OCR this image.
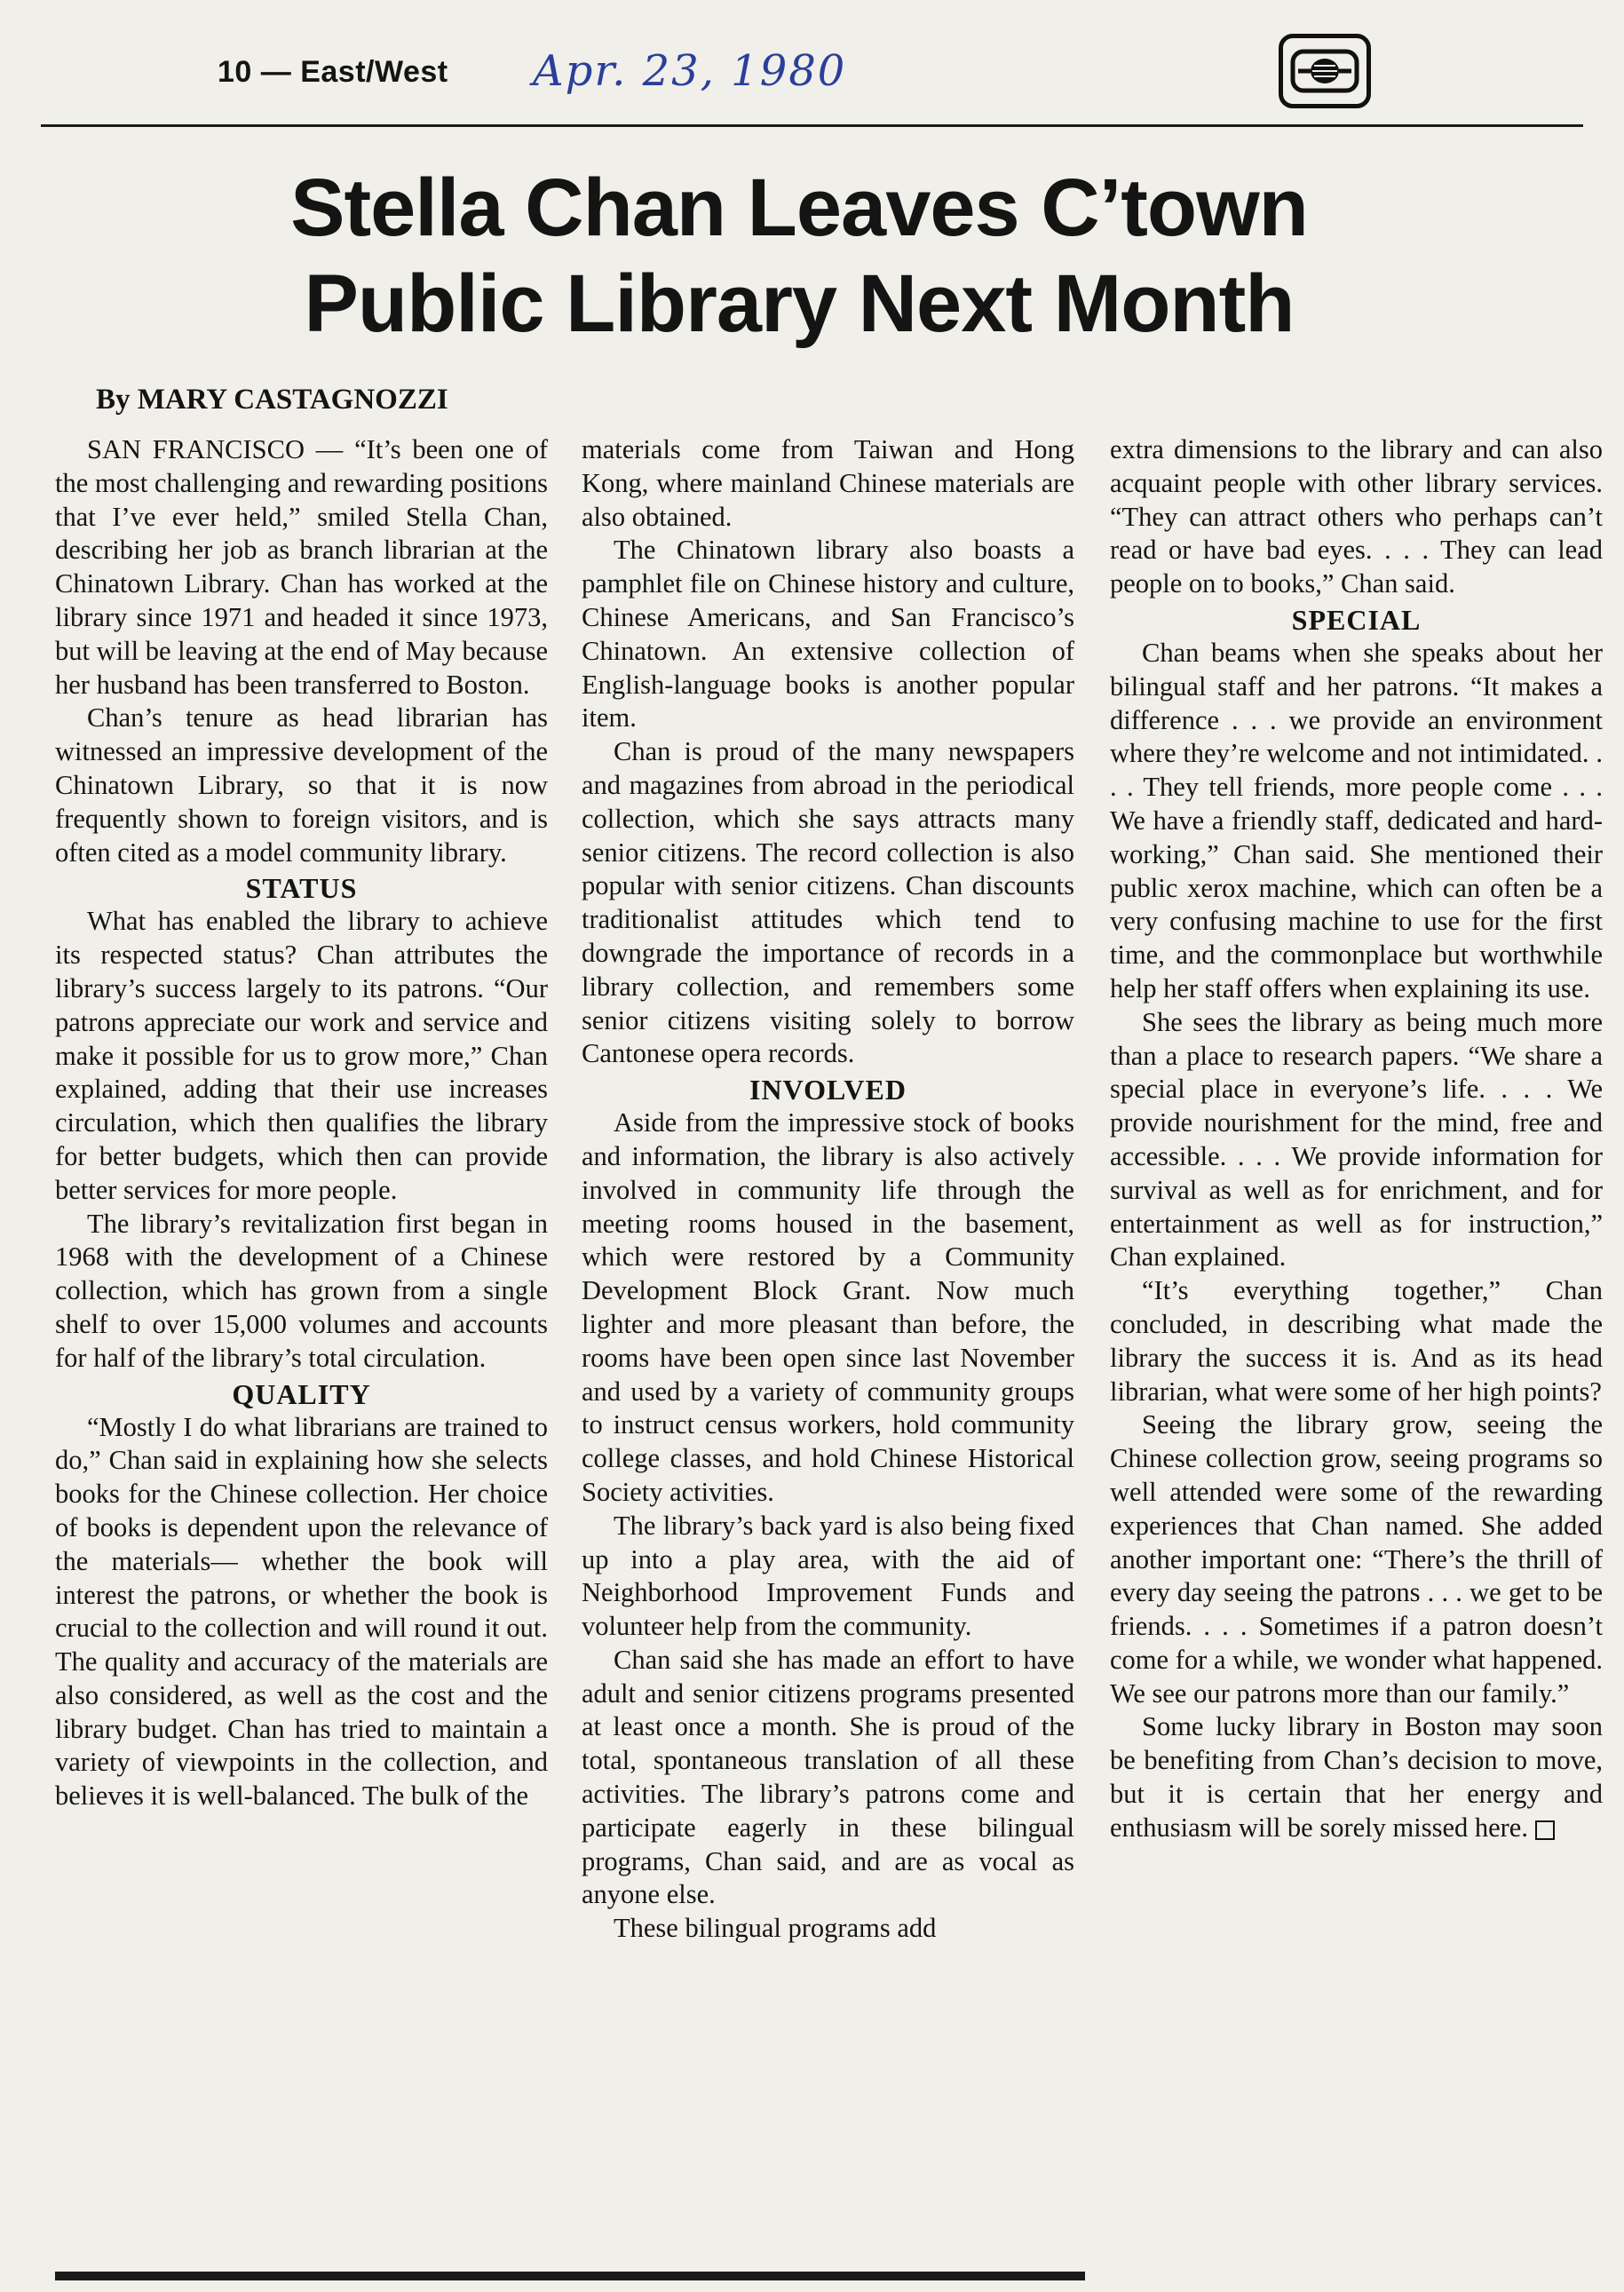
10 — East/West Apr. 23, 1980
Stella Chan Leaves C’town
Public Library Next Month

By MARY CASTAGNOZZI

SAN FRANCISCO — “It’s been one of the most challenging and rewarding positions that I’ve ever held,” smiled Stella Chan, describing her job as branch librarian at the Chinatown Library. Chan has worked at the library since 1971 and headed it since 1973, but will be leaving at the end of May because her husband has been transferred to Boston.

Chan’s tenure as head librarian has witnessed an impressive development of the Chinatown Library, so that it is now frequently shown to foreign visitors, and is often cited as a model community library.

STATUS

What has enabled the library to achieve its respected status? Chan attributes the library’s success largely to its patrons. “Our patrons appreciate our work and service and make it possible for us to grow more,” Chan explained, adding that their use increases circulation, which then qualifies the library for better budgets, which then can provide better services for more people.

The library’s revitalization first began in 1968 with the development of a Chinese collection, which has grown from a single shelf to over 15,000 volumes and accounts for half of the library’s total circulation.

QUALITY

“Mostly I do what librarians are trained to do,” Chan said in explaining how she selects books for the Chinese collection. Her choice of books is dependent upon the relevance of the materials— whether the book will interest the patrons, or whether the book is crucial to the collection and will round it out. The quality and accuracy of the materials are also considered, as well as the cost and the library budget. Chan has tried to maintain a variety of viewpoints in the collection, and believes it is well-balanced. The bulk of the

materials come from Taiwan and Hong Kong, where mainland Chinese materials are also obtained.

The Chinatown library also boasts a pamphlet file on Chinese history and culture, Chinese Americans, and San Francisco’s Chinatown. An extensive collection of English-language books is another popular item.

Chan is proud of the many newspapers and magazines from abroad in the periodical collection, which she says attracts many senior citizens. The record collection is also popular with senior citizens. Chan discounts traditionalist attitudes which tend to downgrade the importance of records in a library collection, and remembers some senior citizens visiting solely to borrow Cantonese opera records.

INVOLVED

Aside from the impressive stock of books and information, the library is also actively involved in community life through the meeting rooms housed in the basement, which were restored by a Community Development Block Grant. Now much lighter and more pleasant than before, the rooms have been open since last November and used by a variety of community groups to instruct census workers, hold community college classes, and hold Chinese Historical Society activities.

The library’s back yard is also being fixed up into a play area, with the aid of Neighborhood Improvement Funds and volunteer help from the community.

Chan said she has made an effort to have adult and senior citizens programs presented at least once a month. She is proud of the total, spontaneous translation of all these activities. The library’s patrons come and participate eagerly in these bilingual programs, Chan said, and are as vocal as anyone else.

These bilingual programs add

extra dimensions to the library and can also acquaint people with other library services. “They can attract others who perhaps can’t read or have bad eyes. . . . They can lead people on to books,” Chan said.

SPECIAL

Chan beams when she speaks about her bilingual staff and her patrons. “It makes a difference . . . we provide an environment where they’re welcome and not intimidated. . . . They tell friends, more people come . . . We have a friendly staff, dedicated and hard-working,” Chan said. She mentioned their public xerox machine, which can often be a very confusing machine to use for the first time, and the commonplace but worthwhile help her staff offers when explaining its use.

She sees the library as being much more than a place to research papers. “We share a special place in everyone’s life. . . . We provide nourishment for the mind, free and accessible. . . . We provide information for survival as well as for enrichment, and for entertainment as well as for instruction,” Chan explained.

“It’s everything together,” Chan concluded, in describing what made the library the success it is. And as its head librarian, what were some of her high points?

Seeing the library grow, seeing the Chinese collection grow, seeing programs so well attended were some of the rewarding experiences that Chan named. She added another important one: “There’s the thrill of every day seeing the patrons . . . we get to be friends. . . . Sometimes if a patron doesn’t come for a while, we wonder what happened. We see our patrons more than our family.”

Some lucky library in Boston may soon be benefiting from Chan’s decision to move, but it is certain that her energy and enthusiasm will be sorely missed here.
